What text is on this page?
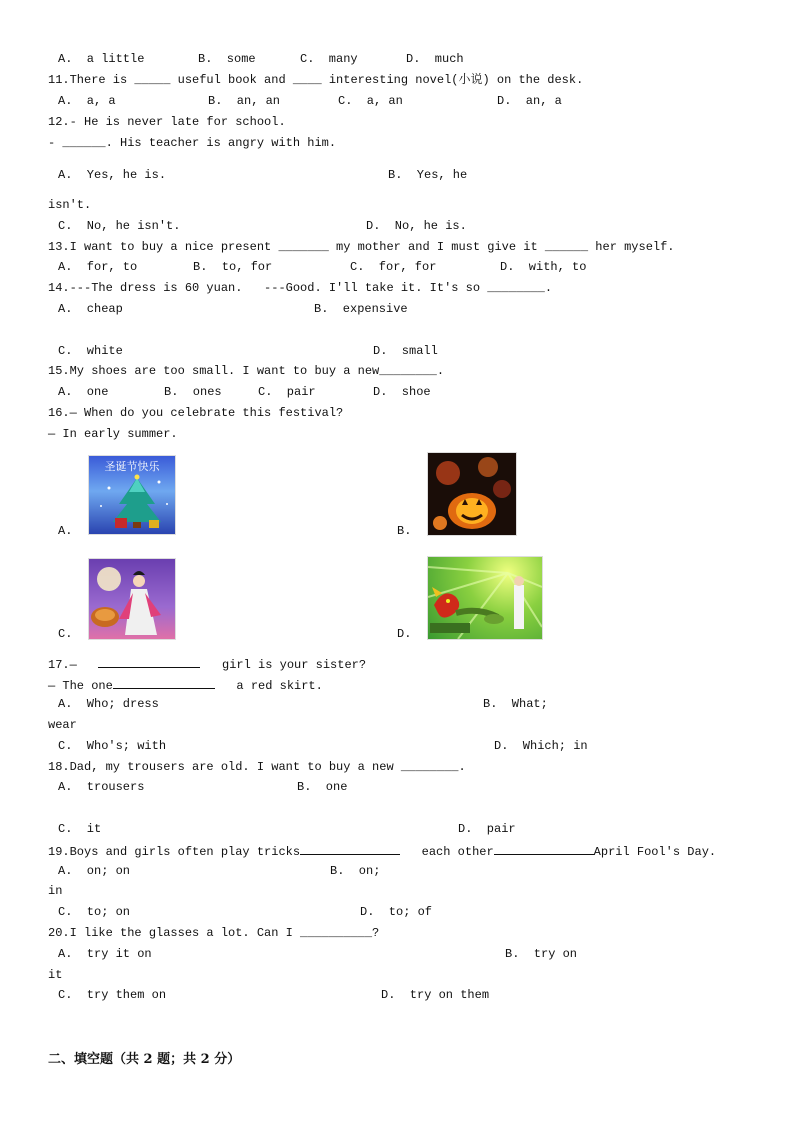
A.  a little	B.  some	C.  many	D.  much
11.There is _____ useful book and ____ interesting novel(小说) on the desk.
A.  a, a	B.  an, an	C.  a, an	D.  an, a
12.- He is never late for school.
- ______. His teacher is angry with him.
A.  Yes, he is.	B.  Yes, he
isn't.
C.  No, he isn't.	D.  No, he is.
13.I want to buy a nice present _______ my mother and I must give it ______ her myself.
A.  for, to	B.  to, for	C.  for, for	D.  with, to
14.---The dress is 60 yuan.   ---Good. I'll take it. It's so ________.
A.  cheap	B.  expensive
C.  white	D.  small
15.My shoes are too small. I want to buy a new________.
A.  one	B.  ones	C.  pair	D.  shoe
16.— When do you celebrate this festival?
— In early summer.
圣诞节快乐
A.	B.
C.	D.
17.—	girl is your sister?
— The one	a red skirt.
A.  Who; dress	B.  What;
wear
C.  Who's; with	D.  Which; in
18.Dad, my trousers are old. I want to buy a new ________.
A.  trousers	B.  one
C.  it	D.  pair
19.Boys and girls often play tricks	each other	April Fool's Day.
A.  on; on	B.  on;
in
C.  to; on	D.  to; of
20.I like the glasses a lot. Can I __________?
A.  try it on	B.  try on
it
C.  try them on	D.  try on them
二、填空题（共 2 题；共 2 分）
